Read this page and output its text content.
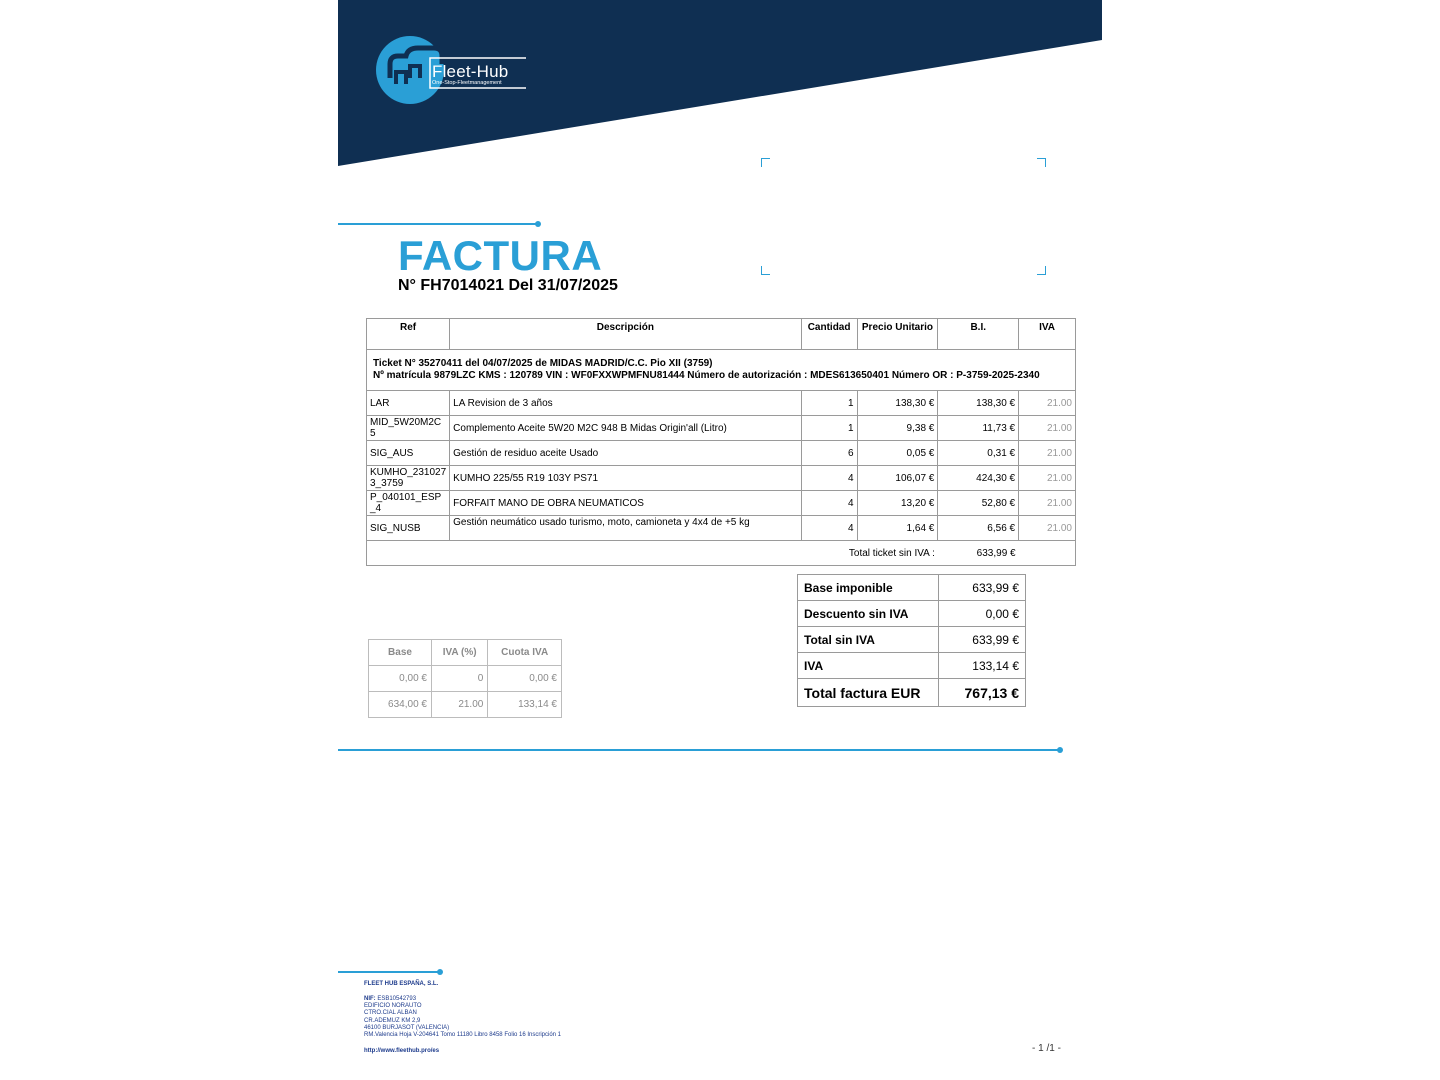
Fleet-Hub
One-Stop-Fleetmanagement
FACTURA
N° FH7014021 Del 31/07/2025
Ref	Descripción	Cantidad	Precio Unitario	B.I.	IVA

Ticket N° 35270411 del 04/07/2025 de MIDAS MADRID/C.C. Pio XII (3759)
Nº matrícula 9879LZC KMS : 120789 VIN : WF0FXXWPMFNU81444 Número de autorización : MDES613650401 Número OR : P-3759-2025-2340					

LAR	LA Revision de 3 años	1	138,30 €	138,30 €	21.00
MID_5W20M2C 5	Complemento Aceite 5W20 M2C 948 B Midas Origin'all (Litro)	1	9,38 €	11,73 €	21.00
SIG_AUS	Gestión de residuo aceite Usado	6	0,05 €	0,31 €	21.00
KUMHO_231027 3_3759	KUMHO 225/55 R19 103Y PS71	4	106,07 €	424,30 €	21.00
P_040101_ESP _4	FORFAIT MANO DE OBRA NEUMATICOS	4	13,20 €	52,80 €	21.00
SIG_NUSB	Gestión neumático usado turismo, moto, camioneta y 4x4 de +5 kg	4	1,64 €	6,56 €	21.00
Total ticket sin IVA :				633,99 €	
Base imponible	633,99 €
Descuento sin IVA	0,00 €
Total sin IVA	633,99 €
IVA	133,14 €
Total factura EUR	767,13 €
Base	IVA (%)	Cuota IVA
0,00 €	0	0,00 €
634,00 €	21.00	133,14 €
FLEET HUB ESPAÑA, S.L.
NIF: ESB10542793
EDIFICIO NORAUTO
CTRO.CIAL ALBAN
CR.ADEMUZ KM 2,9
46100 BURJASOT (VALENCIA)
RM.Valencia Hoja V-204641 Tomo 11180 Libro 8458 Folio 16 Inscripción 1
http://www.fleethub.pro/es	- 1 /1 -
